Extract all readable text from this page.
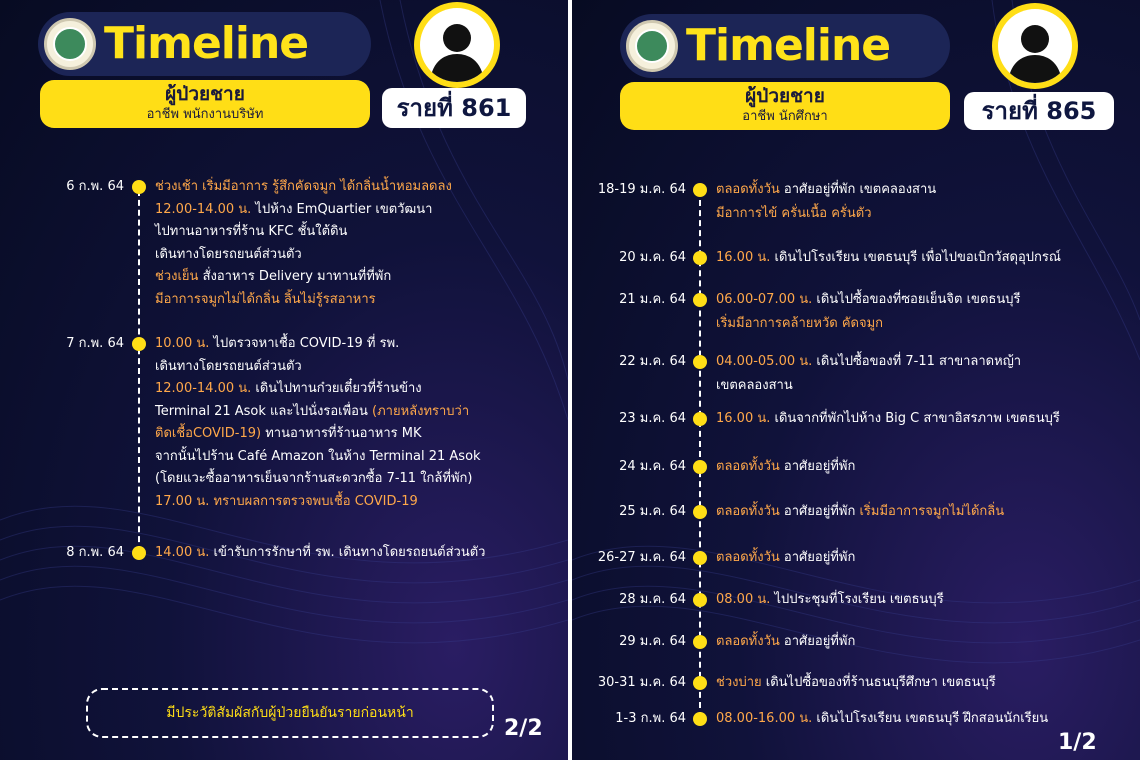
Timeline
ผู้ป่วยชาย
อาชีพ พนักงานบริษัท	รายที่ 861
6 ก.พ. 64 ช่วงเช้า เริ่มมีอาการ รู้สึกคัดจมูก ได้กลิ่นน้ำหอมลดลง
12.00-14.00 น. ไปห้าง EmQuartier เขตวัฒนา
ไปทานอาหารที่ร้าน KFC ชั้นใต้ดิน
เดินทางโดยรถยนต์ส่วนตัว
ช่วงเย็น สั่งอาหาร Delivery มาทานที่ที่พัก
มีอาการจมูกไม่ได้กลิ่น ลิ้นไม่รู้รสอาหาร
7 ก.พ. 64 10.00 น. ไปตรวจหาเชื้อ COVID-19 ที่ รพ.
เดินทางโดยรถยนต์ส่วนตัว
12.00-14.00 น. เดินไปทานก๋วยเตี๋ยวที่ร้านข้าง
Terminal 21 Asok และไปนั่งรอเพื่อน (ภายหลังทราบว่า
ติดเชื้อCOVID-19) ทานอาหารที่ร้านอาหาร MK
จากนั้นไปร้าน Café Amazon ในห้าง Terminal 21 Asok
(โดยแวะซื้ออาหารเย็นจากร้านสะดวกซื้อ 7-11 ใกล้ที่พัก)
17.00 น. ทราบผลการตรวจพบเชื้อ COVID-19
8 ก.พ. 64 14.00 น. เข้ารับการรักษาที่ รพ. เดินทางโดยรถยนต์ส่วนตัว
มีประวัติสัมผัสกับผู้ป่วยยืนยันรายก่อนหน้า
2/2
Timeline
ผู้ป่วยชาย
อาชีพ นักศึกษา	รายที่ 865
18-19 ม.ค. 64 ตลอดทั้งวัน อาศัยอยู่ที่พัก เขตคลองสาน
มีอาการไข้ ครั่นเนื้อ ครั่นตัว
20 ม.ค. 64 16.00 น. เดินไปโรงเรียน เขตธนบุรี เพื่อไปขอเบิกวัสดุอุปกรณ์
21 ม.ค. 64 06.00-07.00 น. เดินไปซื้อของที่ซอยเย็นจิต เขตธนบุรี
เริ่มมีอาการคล้ายหวัด คัดจมูก
22 ม.ค. 64 04.00-05.00 น. เดินไปซื้อของที่ 7-11 สาขาลาดหญ้า
เขตคลองสาน
23 ม.ค. 64 16.00 น. เดินจากที่พักไปห้าง Big C สาขาอิสรภาพ เขตธนบุรี
24 ม.ค. 64 ตลอดทั้งวัน อาศัยอยู่ที่พัก
25 ม.ค. 64 ตลอดทั้งวัน อาศัยอยู่ที่พัก เริ่มมีอาการจมูกไม่ได้กลิ่น
26-27 ม.ค. 64 ตลอดทั้งวัน อาศัยอยู่ที่พัก
28 ม.ค. 64 08.00 น. ไปประชุมที่โรงเรียน เขตธนบุรี
29 ม.ค. 64 ตลอดทั้งวัน อาศัยอยู่ที่พัก
30-31 ม.ค. 64 ช่วงบ่าย เดินไปซื้อของที่ร้านธนบุรีศึกษา เขตธนบุรี
1-3 ก.พ. 64 08.00-16.00 น. เดินไปโรงเรียน เขตธนบุรี ฝึกสอนนักเรียน
1/2
